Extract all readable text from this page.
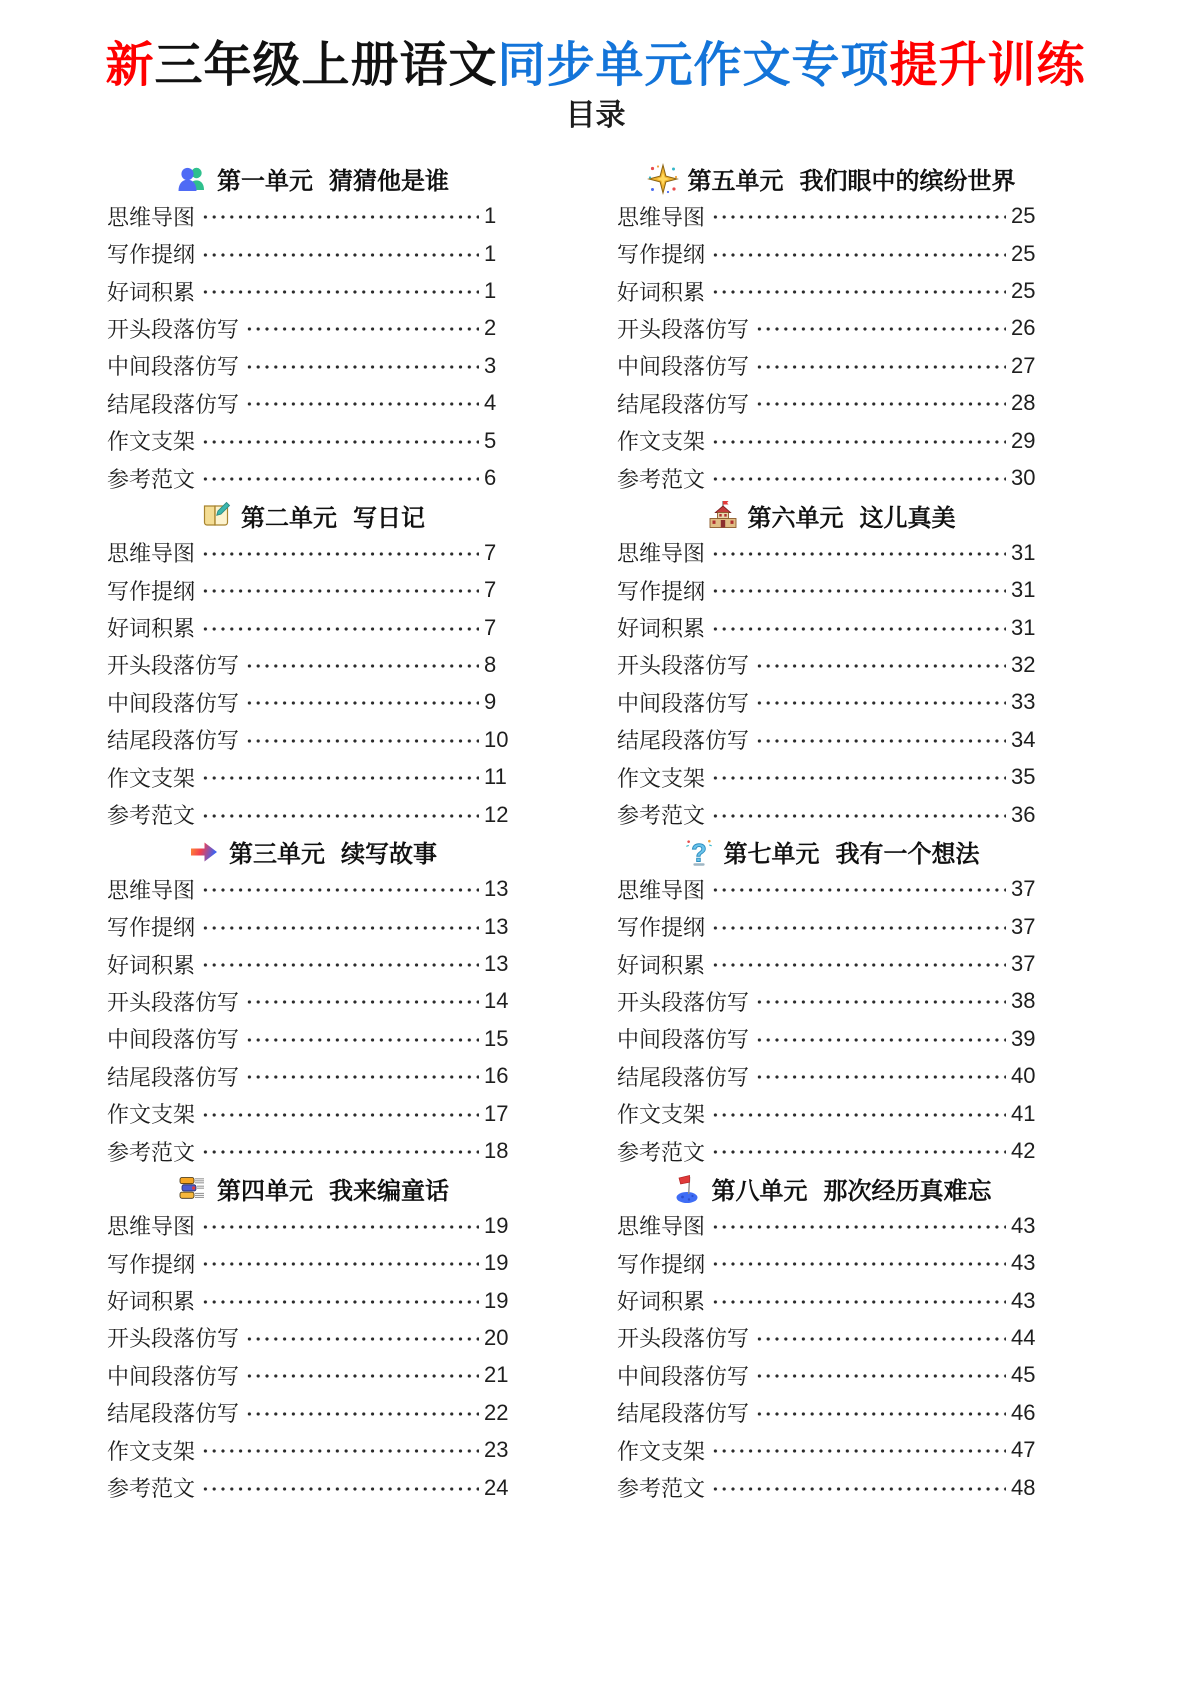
新三年级上册语文同步单元作文专项提升训练
目录
第一单元 猜猜他是谁
思维导图	1
写作提纲	1
好词积累	1
开头段落仿写	2
中间段落仿写	3
结尾段落仿写	4
作文支架	5
参考范文	6
第二单元 写日记
思维导图	7
写作提纲	7
好词积累	7
开头段落仿写	8
中间段落仿写	9
结尾段落仿写	10
作文支架	11
参考范文	12
第三单元 续写故事
思维导图	13
写作提纲	13
好词积累	13
开头段落仿写	14
中间段落仿写	15
结尾段落仿写	16
作文支架	17
参考范文	18
第四单元 我来编童话
思维导图	19
写作提纲	19
好词积累	19
开头段落仿写	20
中间段落仿写	21
结尾段落仿写	22
作文支架	23
参考范文	24
第五单元 我们眼中的缤纷世界
思维导图	25
写作提纲	25
好词积累	25
开头段落仿写	26
中间段落仿写	27
结尾段落仿写	28
作文支架	29
参考范文	30
第六单元 这儿真美
思维导图	31
写作提纲	31
好词积累	31
开头段落仿写	32
中间段落仿写	33
结尾段落仿写	34
作文支架	35
参考范文	36
? 第七单元 我有一个想法
思维导图	37
写作提纲	37
好词积累	37
开头段落仿写	38
中间段落仿写	39
结尾段落仿写	40
作文支架	41
参考范文	42
第八单元 那次经历真难忘
思维导图	43
写作提纲	43
好词积累	43
开头段落仿写	44
中间段落仿写	45
结尾段落仿写	46
作文支架	47
参考范文	48
